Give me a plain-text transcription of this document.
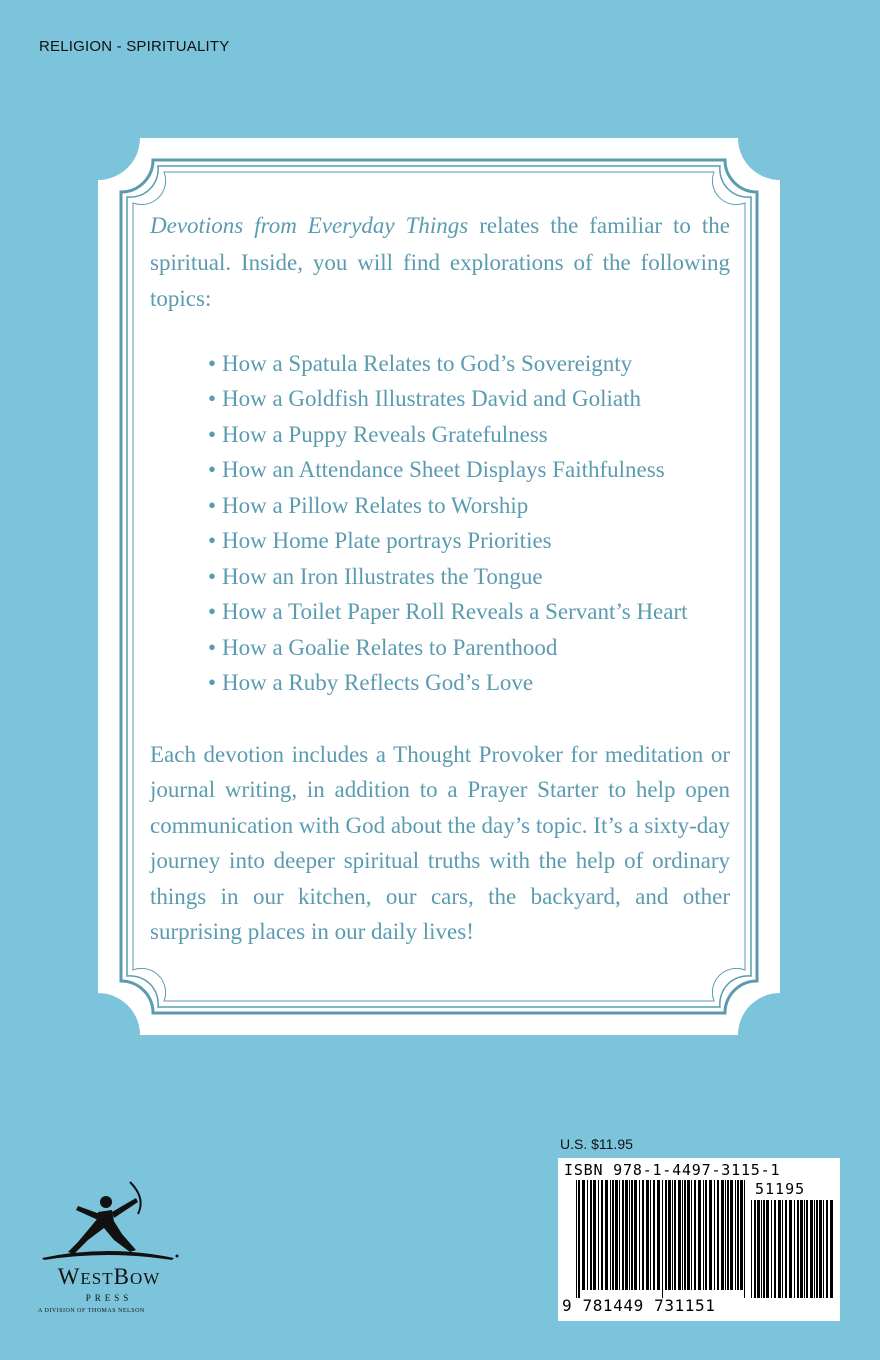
RELIGION - SPIRITUALITY

Devotions from Everyday Things relates the familiar to the spiritual. Inside, you will find explorations of the following topics:

• How a Spatula Relates to God’s Sovereignty
• How a Goldfish Illustrates David and Goliath
• How a Puppy Reveals Gratefulness
• How an Attendance Sheet Displays Faithfulness
• How a Pillow Relates to Worship
• How Home Plate portrays Priorities
• How an Iron Illustrates the Tongue
• How a Toilet Paper Roll Reveals a Servant’s Heart
• How a Goalie Relates to Parenthood
• How a Ruby Reflects God’s Love

Each devotion includes a Thought Provoker for meditation or journal writing, in addition to a Prayer Starter to help open communication with God about the day’s topic. It’s a sixty-day journey into deeper spiritual truths with the help of ordinary things in our kitchen, our cars, the backyard, and other surprising places in our daily lives!

U.S. $11.95
ISBN 978-1-4497-3115-1
51195
9 781449 731151
WESTBOW
PRESS
A DIVISION OF THOMAS NELSON
